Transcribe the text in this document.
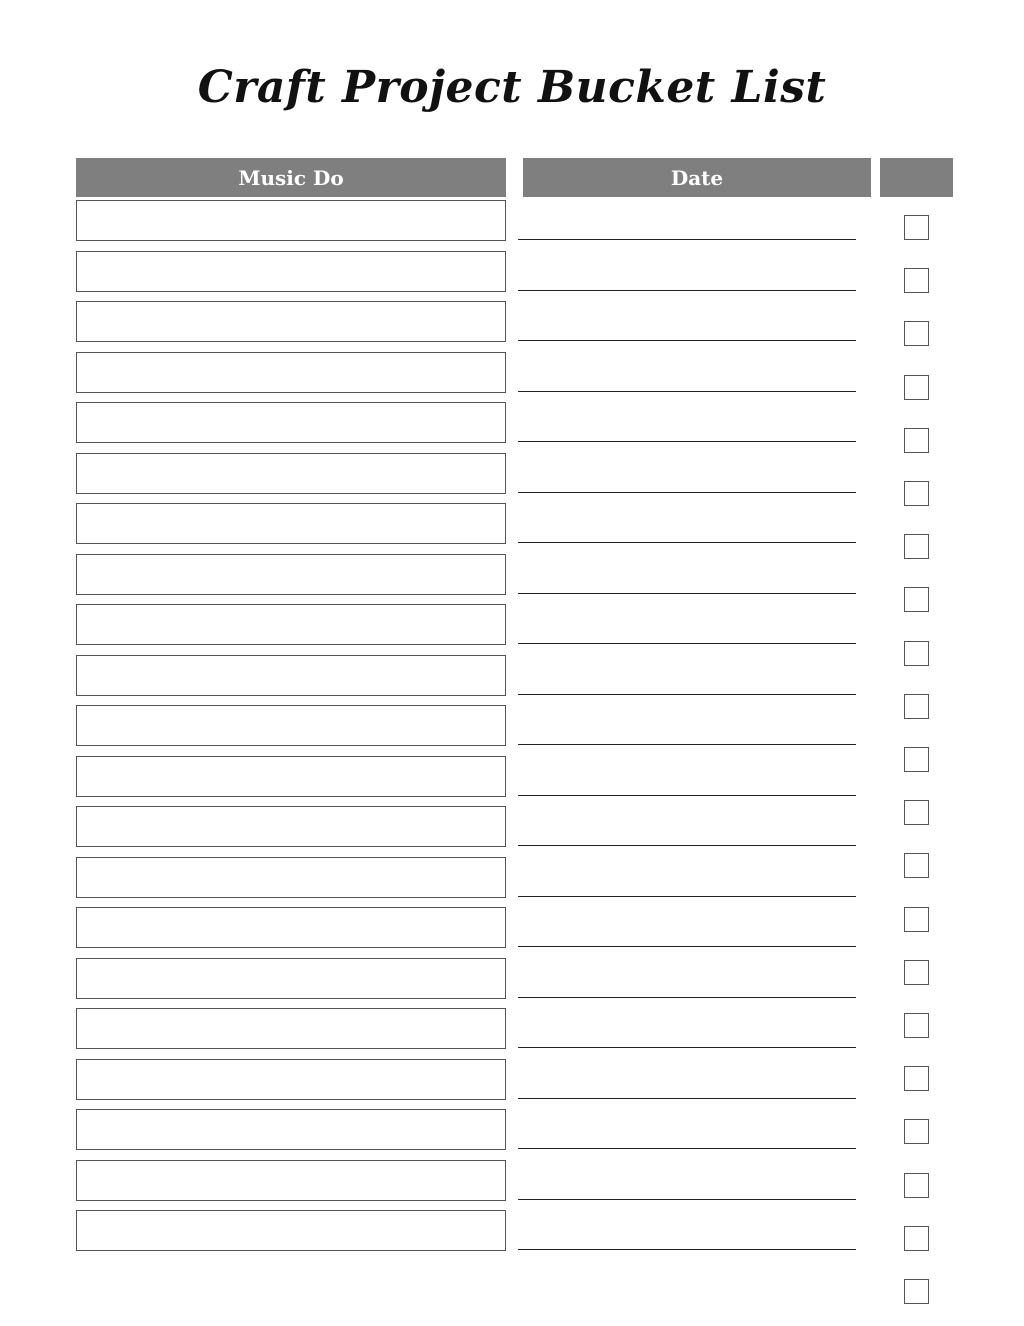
Craft Project Bucket List
Music Do	Date
